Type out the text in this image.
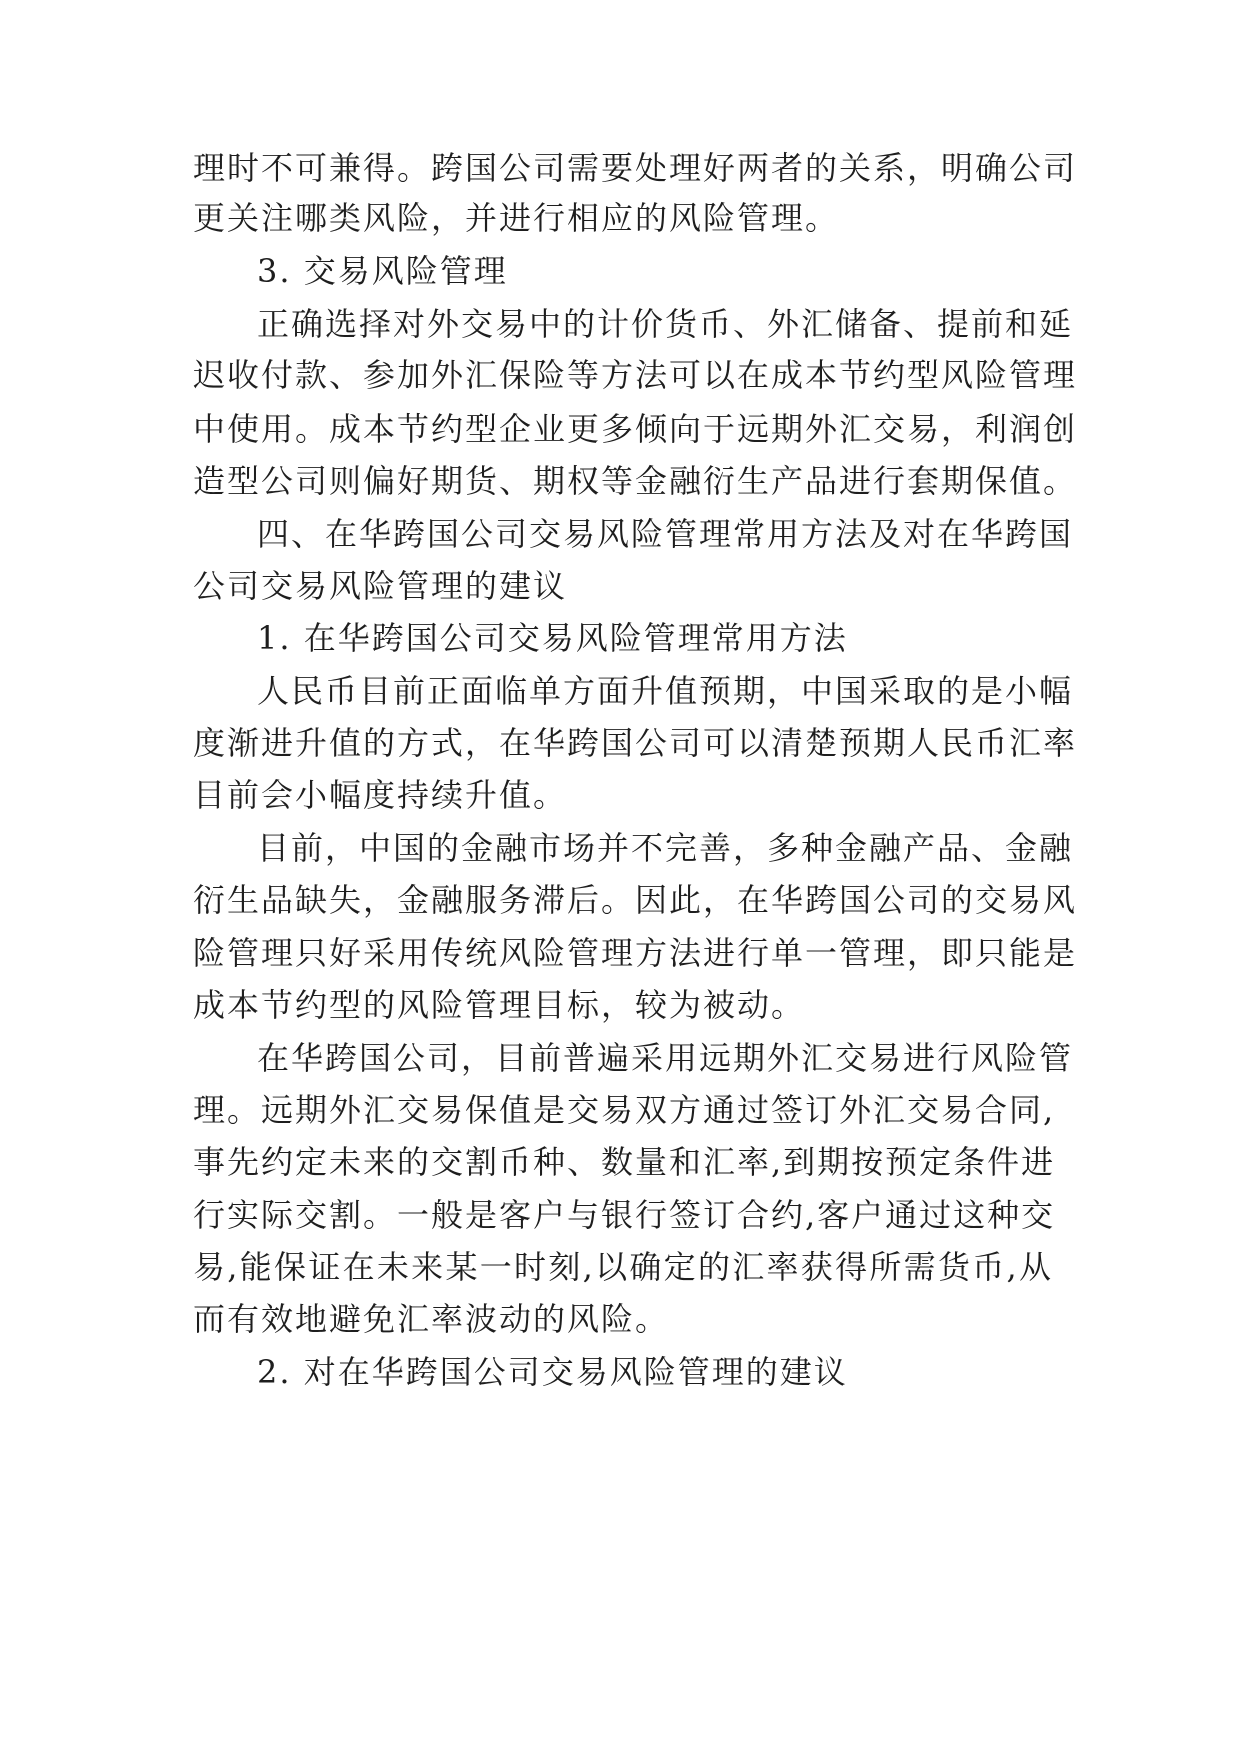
理时不可兼得。跨国公司需要处理好两者的关系，明确公司
更关注哪类风险，并进行相应的风险管理。
3. 交易风险管理
正确选择对外交易中的计价货币、外汇储备、提前和延
迟收付款、参加外汇保险等方法可以在成本节约型风险管理
中使用。成本节约型企业更多倾向于远期外汇交易，利润创
造型公司则偏好期货、期权等金融衍生产品进行套期保值。
四、在华跨国公司交易风险管理常用方法及对在华跨国
公司交易风险管理的建议
1. 在华跨国公司交易风险管理常用方法
人民币目前正面临单方面升值预期，中国采取的是小幅
度渐进升值的方式，在华跨国公司可以清楚预期人民币汇率
目前会小幅度持续升值。
目前，中国的金融市场并不完善，多种金融产品、金融
衍生品缺失，金融服务滞后。因此，在华跨国公司的交易风
险管理只好采用传统风险管理方法进行单一管理，即只能是
成本节约型的风险管理目标，较为被动。
在华跨国公司，目前普遍采用远期外汇交易进行风险管
理。远期外汇交易保值是交易双方通过签订外汇交易合同,
事先约定未来的交割币种、数量和汇率,到期按预定条件进
行实际交割。一般是客户与银行签订合约,客户通过这种交
易,能保证在未来某一时刻,以确定的汇率获得所需货币,从
而有效地避免汇率波动的风险。
2. 对在华跨国公司交易风险管理的建议
